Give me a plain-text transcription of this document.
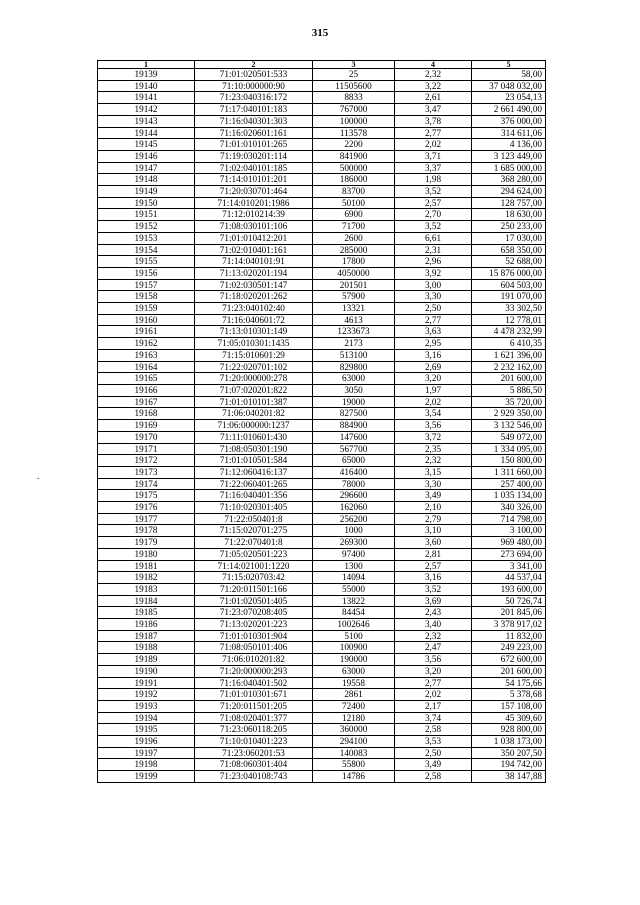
315
.
1	2	3	4	5
19139	71:01:020501:533	25	2,32	58,00
19140	71:10:000000:90	11505600	3,22	37 048 032,00
19141	71:23:040316:172	8833	2,61	23 054,13
19142	71:17:040101:183	767000	3,47	2 661 490,00
19143	71:16:040301:303	100000	3,78	376 000,00
19144	71:16:020601:161	113578	2,77	314 611,06
19145	71:01:010101:265	2200	2,02	4 136,00
19146	71:19:030201:114	841900	3,71	3 123 449,00
19147	71:02:040101:185	500000	3,37	1 685 000,00
19148	71:14:010101:201	186000	1,98	368 280,00
19149	71:20:030701:464	83700	3,52	294 624,00
19150	71:14:010201:1986	50100	2,57	128 757,00
19151	71:12:010214:39	6900	2,70	18 630,00
19152	71:08:030101:106	71700	3,52	250 233,00
19153	71:01:010412:201	2600	6,61	17 030,00
19154	71:02:010401:161	285000	2,31	658 350,00
19155	71:14:040101:91	17800	2,96	52 688,00
19156	71:13:020201:194	4050000	3,92	15 876 000,00
19157	71:02:030501:147	201501	3,00	604 503,00
19158	71:18:020201:262	57900	3,30	191 070,00
19159	71:23:040102:40	13321	2,50	33 302,50
19160	71:16:040601:72	4613	2,77	12 778,01
19161	71:13:010301:149	1233673	3,63	4 478 232,99
19162	71:05:010301:1435	2173	2,95	6 410,35
19163	71:15:010601:29	513100	3,16	1 621 396,00
19164	71:22:020701:102	829800	2,69	2 232 162,00
19165	71:20:000000:278	63000	3,20	201 600,00
19166	71:07:020201:822	3050	1,97	5 886,50
19167	71:01:010101:387	19000	2,02	35 720,00
19168	71:06:040201:82	827500	3,54	2 929 350,00
19169	71:06:000000:1237	884900	3,56	3 132 546,00
19170	71:11:010601:430	147600	3,72	549 072,00
19171	71:08:050301:190	567700	2,35	1 334 095,00
19172	71:01:010501:584	65000	2,32	150 800,00
19173	71:12:060416:137	416400	3,15	1 311 660,00
19174	71:22:060401:265	78000	3,30	257 400,00
19175	71:16:040401:356	296600	3,49	1 035 134,00
19176	71:10:020301:405	162060	2,10	340 326,00
19177	71:22:050401:8	256200	2,79	714 798,00
19178	71:15:020701:275	1000	3,10	3 100,00
19179	71:22:070401:8	269300	3,60	969 480,00
19180	71:05:020501:223	97400	2,81	273 694,00
19181	71:14:021001:1220	1300	2,57	3 341,00
19182	71:15:020703:42	14094	3,16	44 537,04
19183	71:20:011501:166	55000	3,52	193 600,00
19184	71:01:020501:405	13822	3,69	50 726,74
19185	71:23:070208:405	84454	2,43	201 845,06
19186	71:13:020201:223	1002646	3,40	3 378 917,02
19187	71:01:010301:904	5100	2,32	11 832,00
19188	71:08:050101:406	100900	2,47	249 223,00
19189	71:06:010201:82	190000	3,56	672 600,00
19190	71:20:000000:293	63000	3,20	201 600,00
19191	71:16:040401:502	19558	2,77	54 175,66
19192	71:01:010301:671	2861	2,02	5 378,68
19193	71:20:011501:205	72400	2,17	157 108,00
19194	71:08:020401:377	12180	3,74	45 309,60
19195	71:23:060118:205	360000	2,58	928 800,00
19196	71:10:010401:223	294100	3,53	1 038 173,00
19197	71:23:060201:53	140083	2,50	350 207,50
19198	71:08:060301:404	55800	3,49	194 742,00
19199	71:23:040108:743	14786	2,58	38 147,88
